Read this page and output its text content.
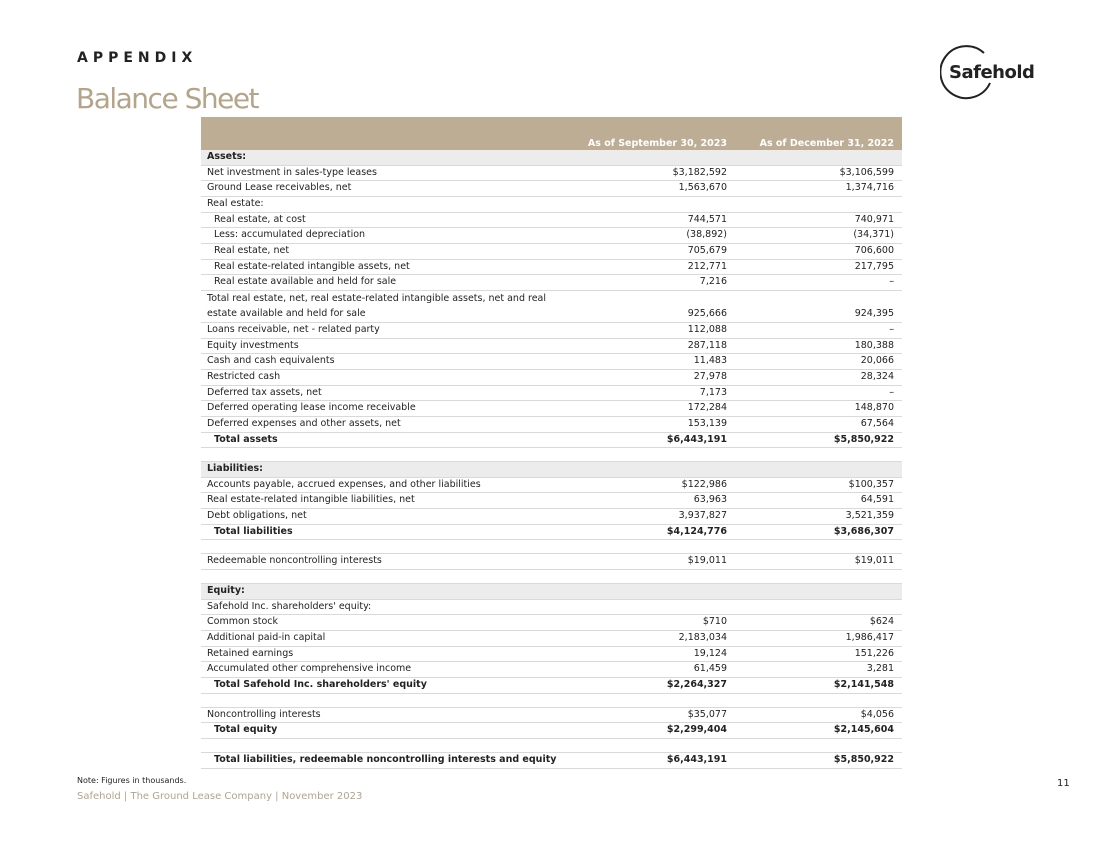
APPENDIX
Balance Sheet
Safehold
	As of September 30, 2023	As of December 31, 2022
Assets:		
Net investment in sales-type leases	$3,182,592	$3,106,599
Ground Lease receivables, net	1,563,670	1,374,716
Real estate:		
Real estate, at cost	744,571	740,971
Less: accumulated depreciation	(38,892)	(34,371)
Real estate, net	705,679	706,600
Real estate-related intangible assets, net	212,771	217,795
Real estate available and held for sale	7,216	–
Total real estate, net, real estate-related intangible assets, net and real estate available and held for sale	925,666	924,395
Loans receivable, net - related party	112,088	–
Equity investments	287,118	180,388
Cash and cash equivalents	11,483	20,066
Restricted cash	27,978	28,324
Deferred tax assets, net	7,173	–
Deferred operating lease income receivable	172,284	148,870
Deferred expenses and other assets, net	153,139	67,564
Total assets	$6,443,191	$5,850,922

Liabilities:		
Accounts payable, accrued expenses, and other liabilities	$122,986	$100,357
Real estate-related intangible liabilities, net	63,963	64,591
Debt obligations, net	3,937,827	3,521,359
Total liabilities	$4,124,776	$3,686,307

Redeemable noncontrolling interests	$19,011	$19,011

Equity:		
Safehold Inc. shareholders' equity:		
Common stock	$710	$624
Additional paid-in capital	2,183,034	1,986,417
Retained earnings	19,124	151,226
Accumulated other comprehensive income	61,459	3,281
Total Safehold Inc. shareholders' equity	$2,264,327	$2,141,548

Noncontrolling interests	$35,077	$4,056
Total equity	$2,299,404	$2,145,604

Total liabilities, redeemable noncontrolling interests and equity	$6,443,191	$5,850,922
Note: Figures in thousands.
Safehold | The Ground Lease Company | November 2023
11
